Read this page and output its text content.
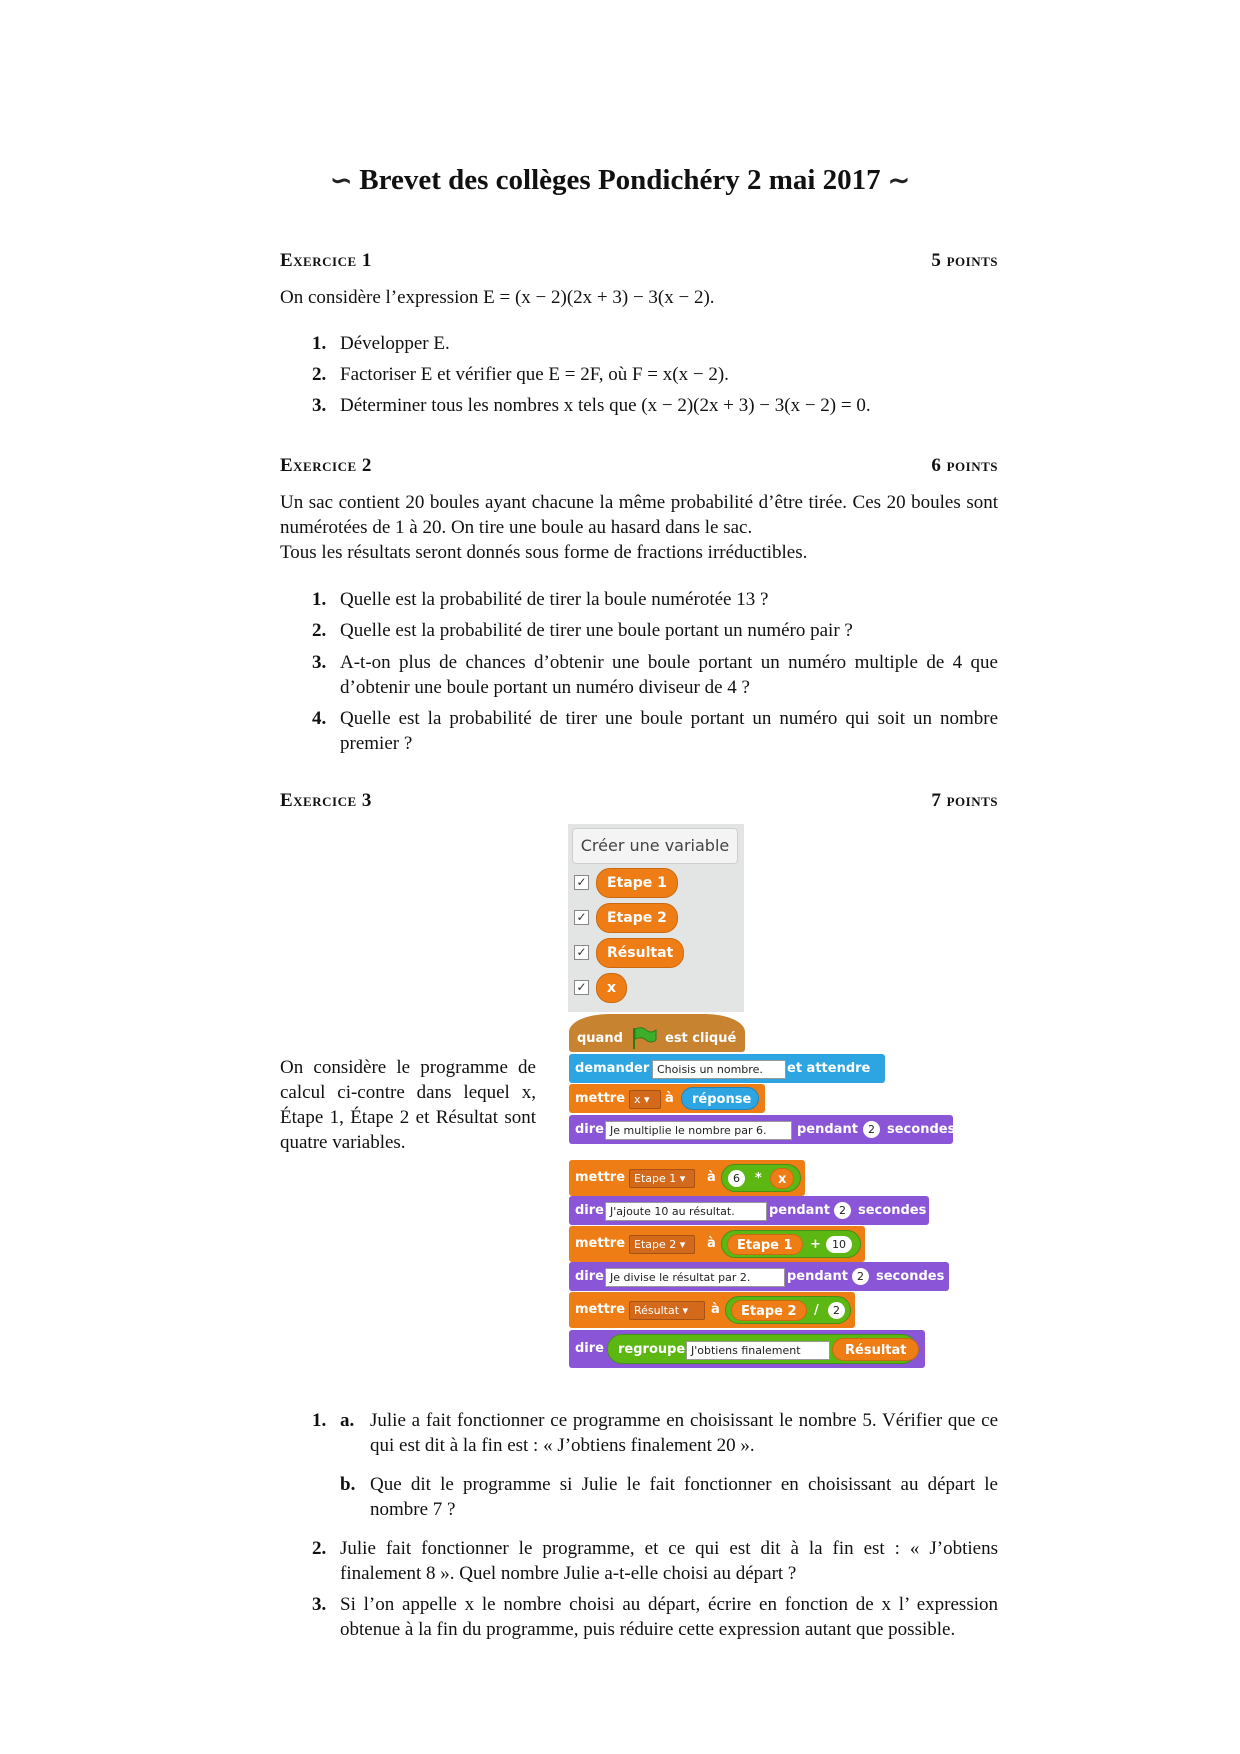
∽ Brevet des collèges Pondichéry 2 mai 2017 ∼
Exercice 1	5 points
On considère l’expression E = (x − 2)(2x + 3) − 3(x − 2).
1. Développer E.
2. Factoriser E et vérifier que E = 2F, où F = x(x − 2).
3. Déterminer tous les nombres x tels que (x − 2)(2x + 3) − 3(x − 2) = 0.
Exercice 2	6 points
Un sac contient 20 boules ayant chacune la même probabilité d’être tirée. Ces 20 boules sont numérotées de 1 à 20. On tire une boule au hasard dans le sac.
Tous les résultats seront donnés sous forme de fractions irréductibles.
1. Quelle est la probabilité de tirer la boule numérotée 13 ?
2. Quelle est la probabilité de tirer une boule portant un numéro pair ?
3. A-t-on plus de chances d’obtenir une boule portant un numéro multiple de 4 que d’obtenir une boule portant un numéro diviseur de 4 ?
4. Quelle est la probabilité de tirer une boule portant un numéro qui soit un nombre premier ?
Exercice 3	7 points
Créer une variable
✓	Etape 1
✓	Etape 2
✓	Résultat
✓	x
On considère le programme de calcul ci-contre dans lequel x, Étape 1, Étape 2 et Résultat sont quatre variables.
quand	est cliqué
demander Choisis un nombre.	et attendre
mettre x ▾	à	réponse
dire Je multiplie le nombre par 6.	pendant 2 secondes
mettre Etape 1 ▾	à	6	*	x
dire J'ajoute 10 au résultat.	pendant 2 secondes
mettre Etape 2 ▾	à	Etape 1	+	10
dire Je divise le résultat par 2.	pendant 2 secondes
mettre Résultat ▾	à	Etape 2	/	2
dire regroupe J'obtiens finalement	Résultat
1. a. Julie a fait fonctionner ce programme en choisissant le nombre 5. Vérifier que ce qui est dit à la fin est : « J’obtiens finalement 20 ».
b. Que dit le programme si Julie le fait fonctionner en choisissant au départ le nombre 7 ?
2. Julie fait fonctionner le programme, et ce qui est dit à la fin est : « J’obtiens finalement 8 ». Quel nombre Julie a-t-elle choisi au départ ?
3. Si l’on appelle x le nombre choisi au départ, écrire en fonction de x l’ expression obtenue à la fin du programme, puis réduire cette expression autant que possible.
